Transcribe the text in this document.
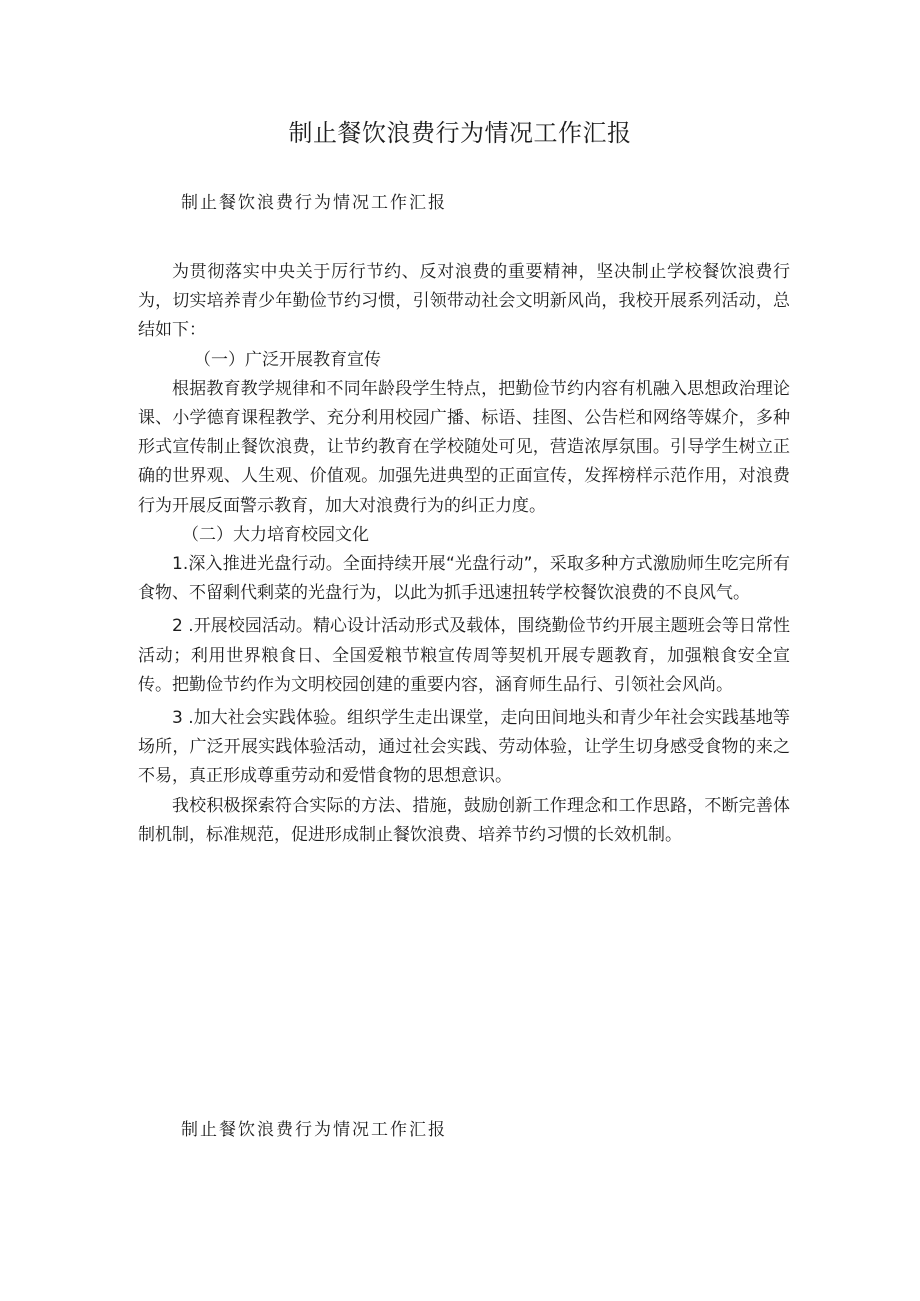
制止餐饮浪费行为情况工作汇报

制止餐饮浪费行为情况工作汇报

为贯彻落实中央关于厉行节约、反对浪费的重要精神，坚决制止学校餐饮浪费行为，切实培养青少年勤俭节约习惯，引领带动社会文明新风尚，我校开展系列活动，总结如下：

（一）广泛开展教育宣传

根据教育教学规律和不同年龄段学生特点，把勤俭节约内容有机融入思想政治理论课、小学德育课程教学、充分利用校园广播、标语、挂图、公告栏和网络等媒介，多种形式宣传制止餐饮浪费，让节约教育在学校随处可见，营造浓厚氛围。引导学生树立正确的世界观、人生观、价值观。加强先进典型的正面宣传，发挥榜样示范作用，对浪费行为开展反面警示教育，加大对浪费行为的纠正力度。

（二）大力培育校园文化

1.深入推进光盘行动。全面持续开展“光盘行动”，采取多种方式激励师生吃完所有食物、不留剩代剩菜的光盘行为，以此为抓手迅速扭转学校餐饮浪费的不良风气。

2 .开展校园活动。精心设计活动形式及载体，围绕勤俭节约开展主题班会等日常性活动；利用世界粮食日、全国爱粮节粮宣传周等契机开展专题教育，加强粮食安全宣传。把勤俭节约作为文明校园创建的重要内容，涵育师生品行、引领社会风尚。

3 .加大社会实践体验。组织学生走出课堂，走向田间地头和青少年社会实践基地等场所，广泛开展实践体验活动，通过社会实践、劳动体验，让学生切身感受食物的来之不易，真正形成尊重劳动和爱惜食物的思想意识。

我校积极探索符合实际的方法、措施，鼓励创新工作理念和工作思路，不断完善体制机制，标准规范，促进形成制止餐饮浪费、培养节约习惯的长效机制。

制止餐饮浪费行为情况工作汇报
